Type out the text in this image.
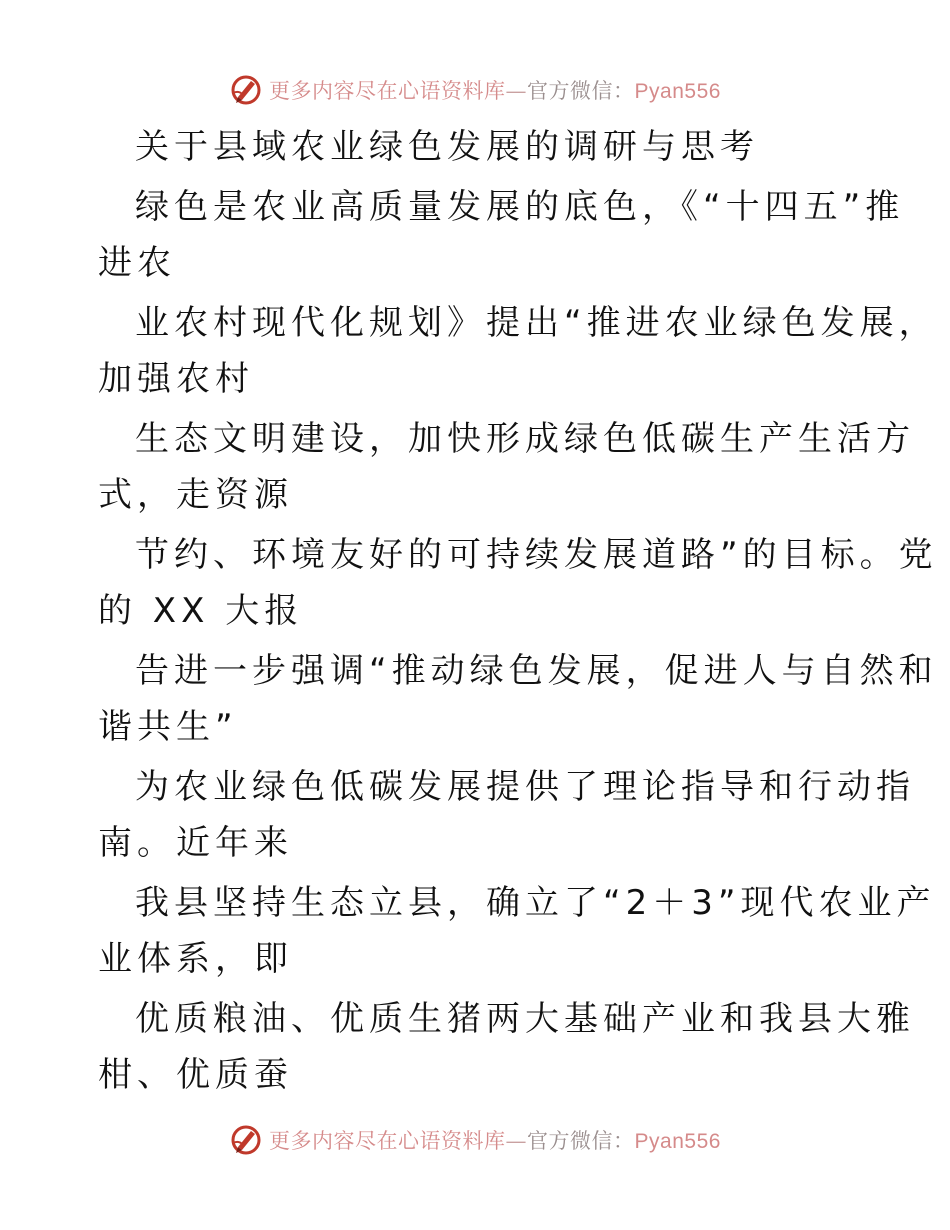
更多内容尽在心语资料库—官方微信：Pyan556
关于县域农业绿色发展的调研与思考
绿色是农业高质量发展的底色，《“十四五”推
进农
业农村现代化规划》提出“推进农业绿色发展，
加强农村
生态文明建设，加快形成绿色低碳生产生活方
式，走资源
节约、环境友好的可持续发展道路”的目标。党
的 XX 大报
告进一步强调“推动绿色发展，促进人与自然和
谐共生”
为农业绿色低碳发展提供了理论指导和行动指
南。近年来
我县坚持生态立县，确立了“2＋3”现代农业产
业体系，即
优质粮油、优质生猪两大基础产业和我县大雅
柑、优质蚕
更多内容尽在心语资料库—官方微信：Pyan556
